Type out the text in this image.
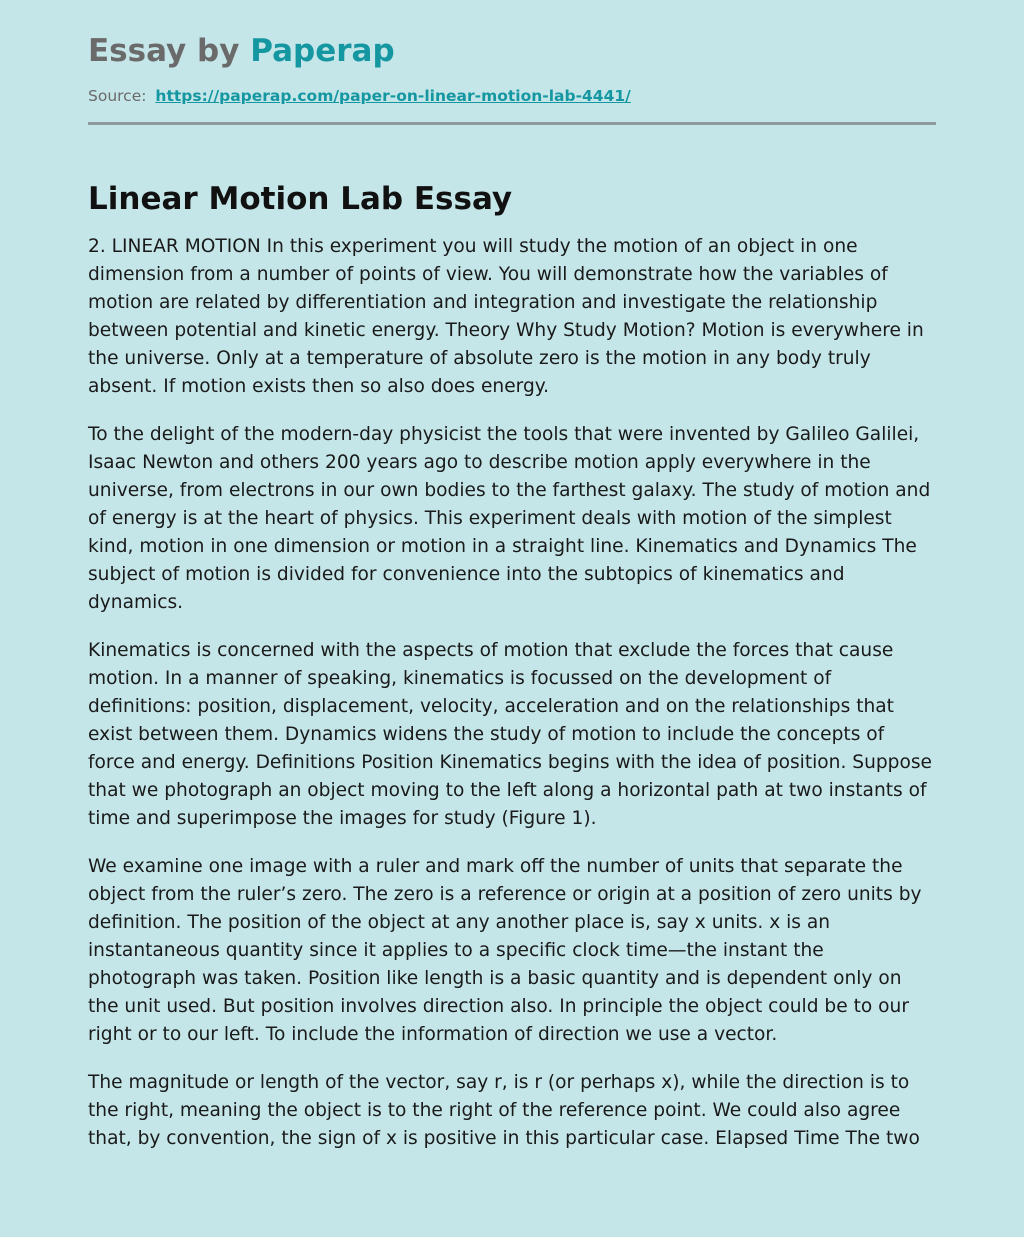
Essay by Paperap
Source: https://paperap.com/paper-on-linear-motion-lab-4441/
Linear Motion Lab Essay

2. LINEAR MOTION In this experiment you will study the motion of an object in one dimension from a number of points of view. You will demonstrate how the variables of motion are related by differentiation and integration and investigate the relationship between potential and kinetic energy. Theory Why Study Motion? Motion is everywhere in the universe. Only at a temperature of absolute zero is the motion in any body truly absent. If motion exists then so also does energy.

To the delight of the modern-day physicist the tools that were invented by Galileo Galilei, Isaac Newton and others 200 years ago to describe motion apply everywhere in the universe, from electrons in our own bodies to the farthest galaxy. The study of motion and of energy is at the heart of physics. This experiment deals with motion of the simplest kind, motion in one dimension or motion in a straight line. Kinematics and Dynamics The subject of motion is divided for convenience into the subtopics of kinematics and dynamics.

Kinematics is concerned with the aspects of motion that exclude the forces that cause motion. In a manner of speaking, kinematics is focussed on the development of definitions: position, displacement, velocity, acceleration and on the relationships that exist between them. Dynamics widens the study of motion to include the concepts of force and energy. Definitions Position Kinematics begins with the idea of position. Suppose that we photograph an object moving to the left along a horizontal path at two instants of time and superimpose the images for study (Figure 1).

We examine one image with a ruler and mark off the number of units that separate the object from the ruler’s zero. The zero is a reference or origin at a position of zero units by definition. The position of the object at any another place is, say x units. x is an instantaneous quantity since it applies to a specific clock time—the instant the photograph was taken. Position like length is a basic quantity and is dependent only on the unit used. But position involves direction also. In principle the object could be to our right or to our left. To include the information of direction we use a vector.

The magnitude or length of the vector, say r, is r (or perhaps x), while the direction is to the right, meaning the object is to the right of the reference point. We could also agree that, by convention, the sign of x is positive in this particular case. Elapsed Time The two
